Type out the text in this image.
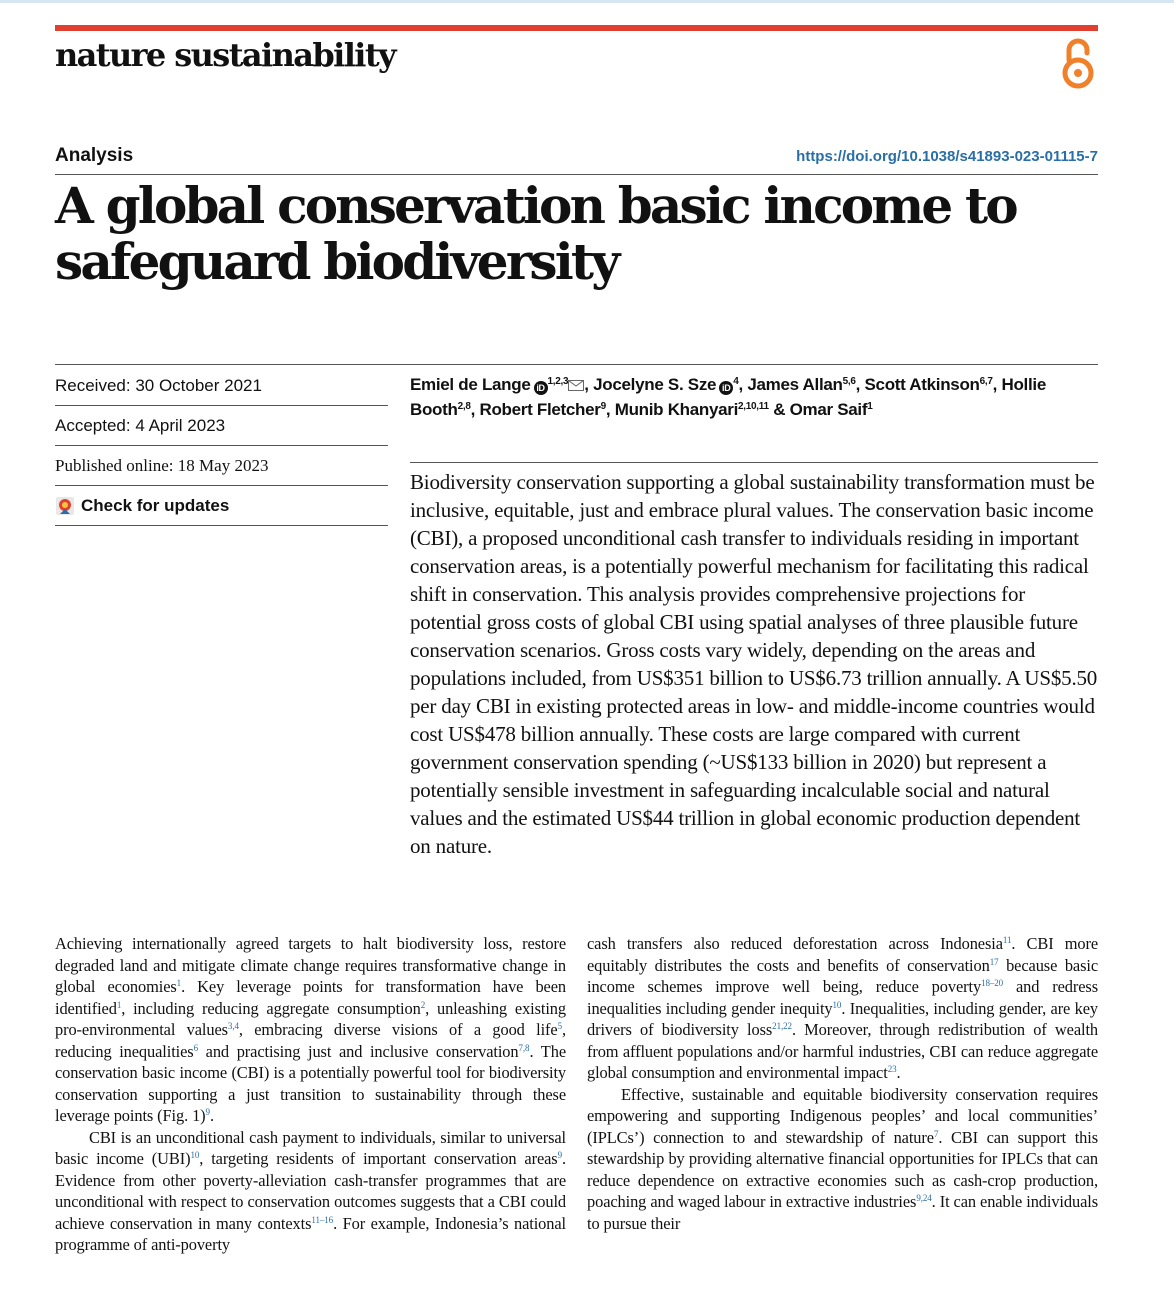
nature sustainability
Analysis	https://doi.org/10.1038/s41893-023-01115-7
A global conservation basic income to safeguard biodiversity
Received: 30 October 2021
Accepted: 4 April 2023
Published online: 18 May 2023
Check for updates
Emiel de Lange iD$^{1,2,3}$ , Jocelyne S. Sze $iD^4$, James Allan$^{5,6}$, Scott Atkinson$^{6,7}$, Hollie Booth$^{2,8}$, Robert Fletcher$^9$, Munib Khanyari$^{2,10,11}$ & Omar Saif$^1$

Biodiversity conservation supporting a global sustainability transformation must be inclusive, equitable, just and embrace plural values. The conservation basic income (CBI), a proposed unconditional cash transfer to individuals residing in important conservation areas, is a potentially powerful mechanism for facilitating this radical shift in conservation. This analysis provides comprehensive projections for potential gross costs of global CBI using spatial analyses of three plausible future conservation scenarios. Gross costs vary widely, depending on the areas and populations included, from US$351 billion to US$6.73 trillion annually. A US$5.50 per day CBI in existing protected areas in low- and middle-income countries would cost US$478 billion annually. These costs are large compared with current government conservation spending (~US$133 billion in 2020) but represent a potentially sensible investment in safeguarding incalculable social and natural values and the estimated US$44 trillion in global economic production dependent on nature.

Achieving internationally agreed targets to halt biodiversity loss, restore degraded land and mitigate climate change requires transformative change in global economies$^1$. Key leverage points for transformation have been identified$^1$, including reducing aggregate consumption$^2$, unleashing existing pro-environmental values$^{3,4}$, embracing diverse visions of a good life$^5$, reducing inequalities$^6$ and practising just and inclusive conservation$^{7,8}$. The conservation basic income (CBI) is a potentially powerful tool for biodiversity conservation supporting a just transition to sustainability through these leverage points (Fig. 1)$^9$.

CBI is an unconditional cash payment to individuals, similar to universal basic income (UBI)$^{10}$, targeting residents of important conservation areas$^9$. Evidence from other poverty-alleviation cash-transfer programmes that are unconditional with respect to conservation outcomes suggests that a CBI could achieve conservation in many contexts$^{11-16}$. For example, Indonesia’s national programme of anti-poverty

cash transfers also reduced deforestation across Indonesia$^{11}$. CBI more equitably distributes the costs and benefits of conservation$^{17}$ because basic income schemes improve well being, reduce poverty$^{18-20}$ and redress inequalities including gender inequity$^{10}$. Inequalities, including gender, are key drivers of biodiversity loss$^{21,22}$. Moreover, through redistribution of wealth from affluent populations and/or harmful industries, CBI can reduce aggregate global consumption and environmental impact$^{23}$.

Effective, sustainable and equitable biodiversity conservation requires empowering and supporting Indigenous peoples’ and local communities’ (IPLCs’) connection to and stewardship of nature$^7$. CBI can support this stewardship by providing alternative financial opportunities for IPLCs that can reduce dependence on extractive economies such as cash-crop production, poaching and waged labour in extractive industries$^{9,24}$. It can enable individuals to pursue their
